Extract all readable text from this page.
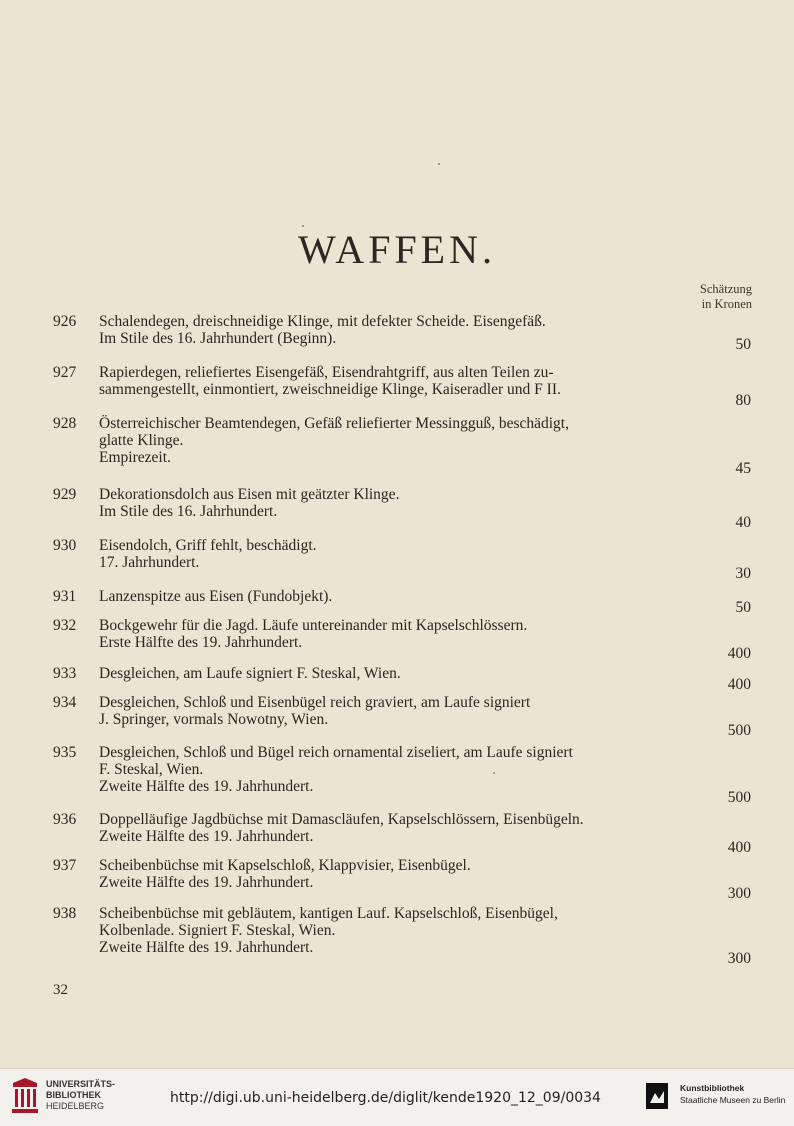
WAFFEN.
Schätzung
in Kronen
926 Schalendegen, dreischneidige Klinge, mit defekter Scheide. Eisengefäß.
Im Stile des 16. Jahrhundert (Beginn).	50
927 Rapierdegen, reliefiertes Eisengefäß, Eisendrahtgriff, aus alten Teilen zu-
sammengestellt, einmontiert, zweischneidige Klinge, Kaiseradler und F II.
80
928 Österreichischer Beamtendegen, Gefäß reliefierter Messingguß, beschädigt,
glatte Klinge.
Empirezeit.
45
929 Dekorationsdolch aus Eisen mit geätzter Klinge.
Im Stile des 16. Jahrhundert.
40
930 Eisendolch, Griff fehlt, beschädigt.
17. Jahrhundert.
30
931 Lanzenspitze aus Eisen (Fundobjekt).
50
932 Bockgewehr für die Jagd. Läufe untereinander mit Kapselschlössern.
Erste Hälfte des 19. Jahrhundert.
400
933 Desgleichen, am Laufe signiert F. Steskal, Wien.
400
934 Desgleichen, Schloß und Eisenbügel reich graviert, am Laufe signiert
J. Springer, vormals Nowotny, Wien.
500
935 Desgleichen, Schloß und Bügel reich ornamental ziseliert, am Laufe signiert
F. Steskal, Wien.
Zweite Hälfte des 19. Jahrhundert.
500
936 Doppelläufige Jagdbüchse mit Damascläufen, Kapselschlössern, Eisenbügeln.
Zweite Hälfte des 19. Jahrhundert.
400
937 Scheibenbüchse mit Kapselschloß, Klappvisier, Eisenbügel.
Zweite Hälfte des 19. Jahrhundert.
300
938 Scheibenbüchse mit gebläutem, kantigen Lauf. Kapselschloß, Eisenbügel,
Kolbenlade. Signiert F. Steskal, Wien.
Zweite Hälfte des 19. Jahrhundert.
300
32
UNIVERSITÄTS-
BIBLIOTHEK
HEIDELBERG	http://digi.ub.uni-heidelberg.de/diglit/kende1920_12_09/0034
Kunstbibliothek
Staatliche Museen zu Berlin
